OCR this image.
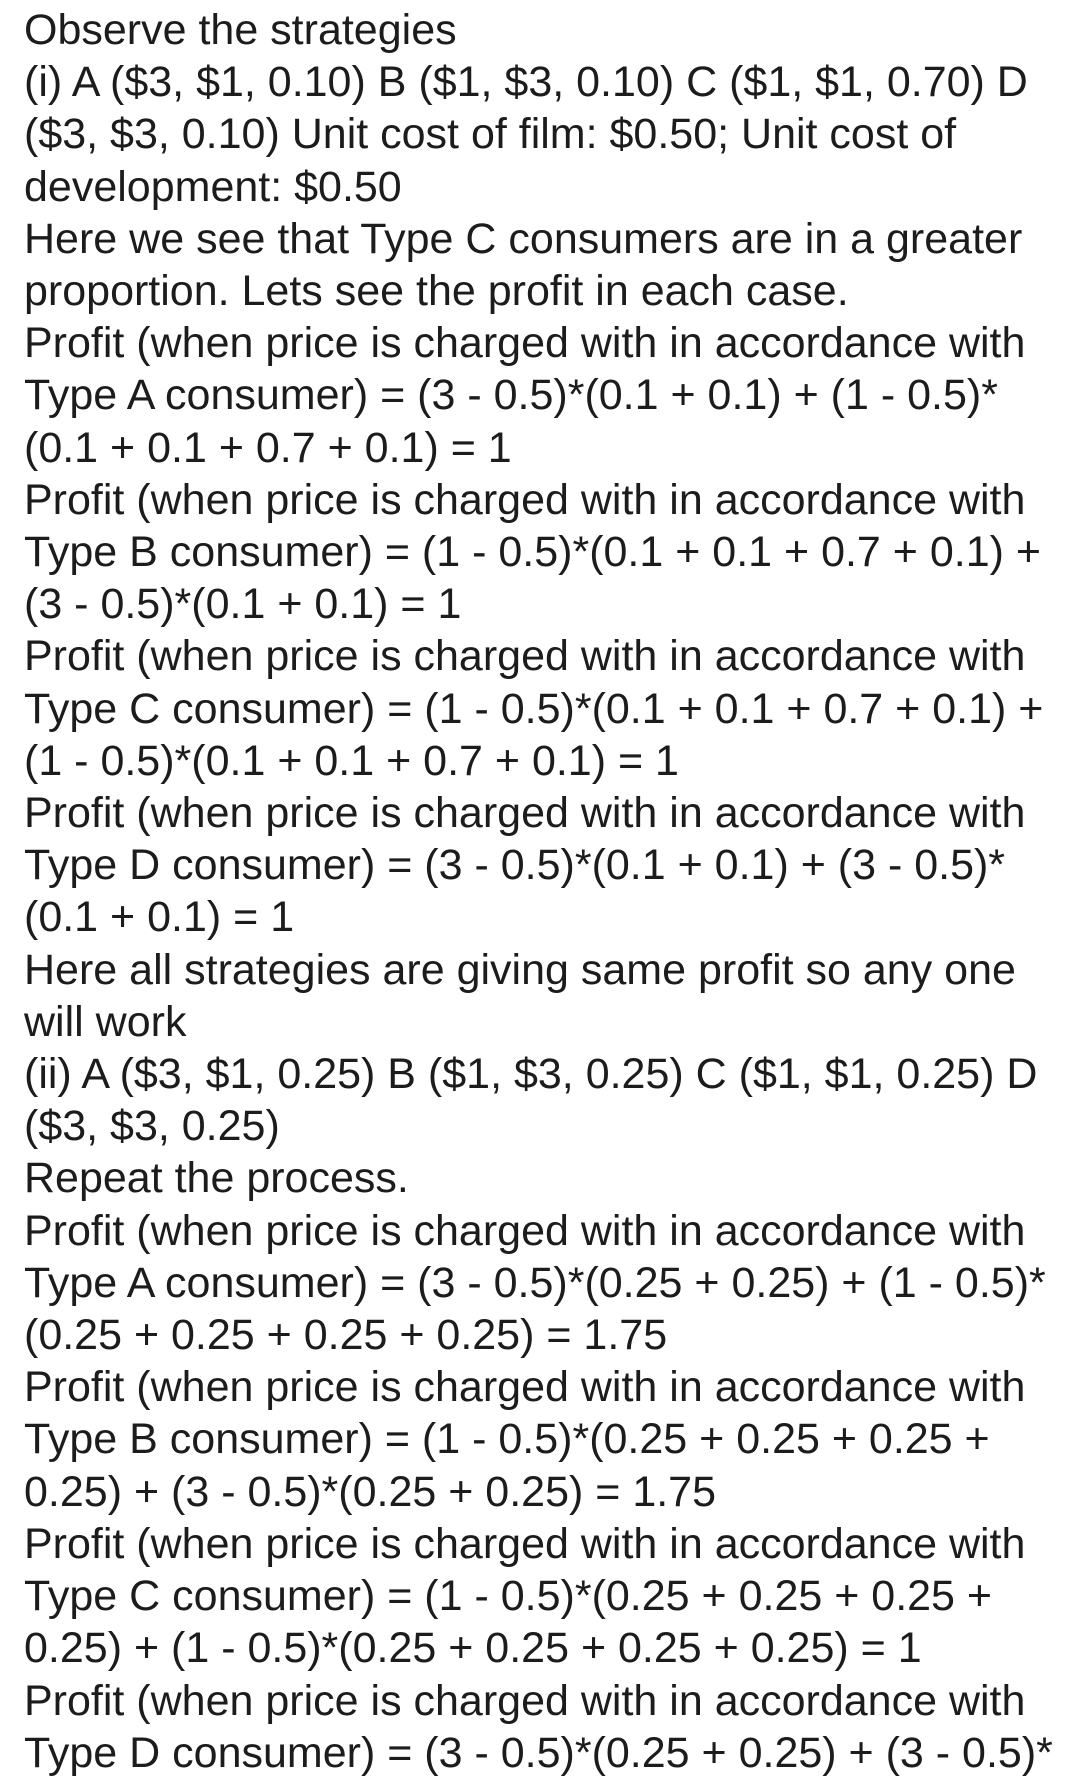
Observe the strategies

(i) A ($3, $1, 0.10) B ($1, $3, 0.10) C ($1, $1, 0.70) D

($3, $3, 0.10) Unit cost of film: $0.50; Unit cost of

development: $0.50

Here we see that Type C consumers are in a greater

proportion. Lets see the profit in each case.

Profit (when price is charged with in accordance with

Type A consumer) = (3 - 0.5)*(0.1 + 0.1) + (1 - 0.5)*

(0.1 + 0.1 + 0.7 + 0.1) = 1

Profit (when price is charged with in accordance with

Type B consumer) = (1 - 0.5)*(0.1 + 0.1 + 0.7 + 0.1) +

(3 - 0.5)*(0.1 + 0.1) = 1

Profit (when price is charged with in accordance with

Type C consumer) = (1 - 0.5)*(0.1 + 0.1 + 0.7 + 0.1) +

(1 - 0.5)*(0.1 + 0.1 + 0.7 + 0.1) = 1

Profit (when price is charged with in accordance with

Type D consumer) = (3 - 0.5)*(0.1 + 0.1) + (3 - 0.5)*

(0.1 + 0.1) = 1

Here all strategies are giving same profit so any one

will work

(ii) A ($3, $1, 0.25) B ($1, $3, 0.25) C ($1, $1, 0.25) D

($3, $3, 0.25)

Repeat the process.

Profit (when price is charged with in accordance with

Type A consumer) = (3 - 0.5)*(0.25 + 0.25) + (1 - 0.5)*

(0.25 + 0.25 + 0.25 + 0.25) = 1.75

Profit (when price is charged with in accordance with

Type B consumer) = (1 - 0.5)*(0.25 + 0.25 + 0.25 +

0.25) + (3 - 0.5)*(0.25 + 0.25) = 1.75

Profit (when price is charged with in accordance with

Type C consumer) = (1 - 0.5)*(0.25 + 0.25 + 0.25 +

0.25) + (1 - 0.5)*(0.25 + 0.25 + 0.25 + 0.25) = 1

Profit (when price is charged with in accordance with

Type D consumer) = (3 - 0.5)*(0.25 + 0.25) + (3 - 0.5)*
